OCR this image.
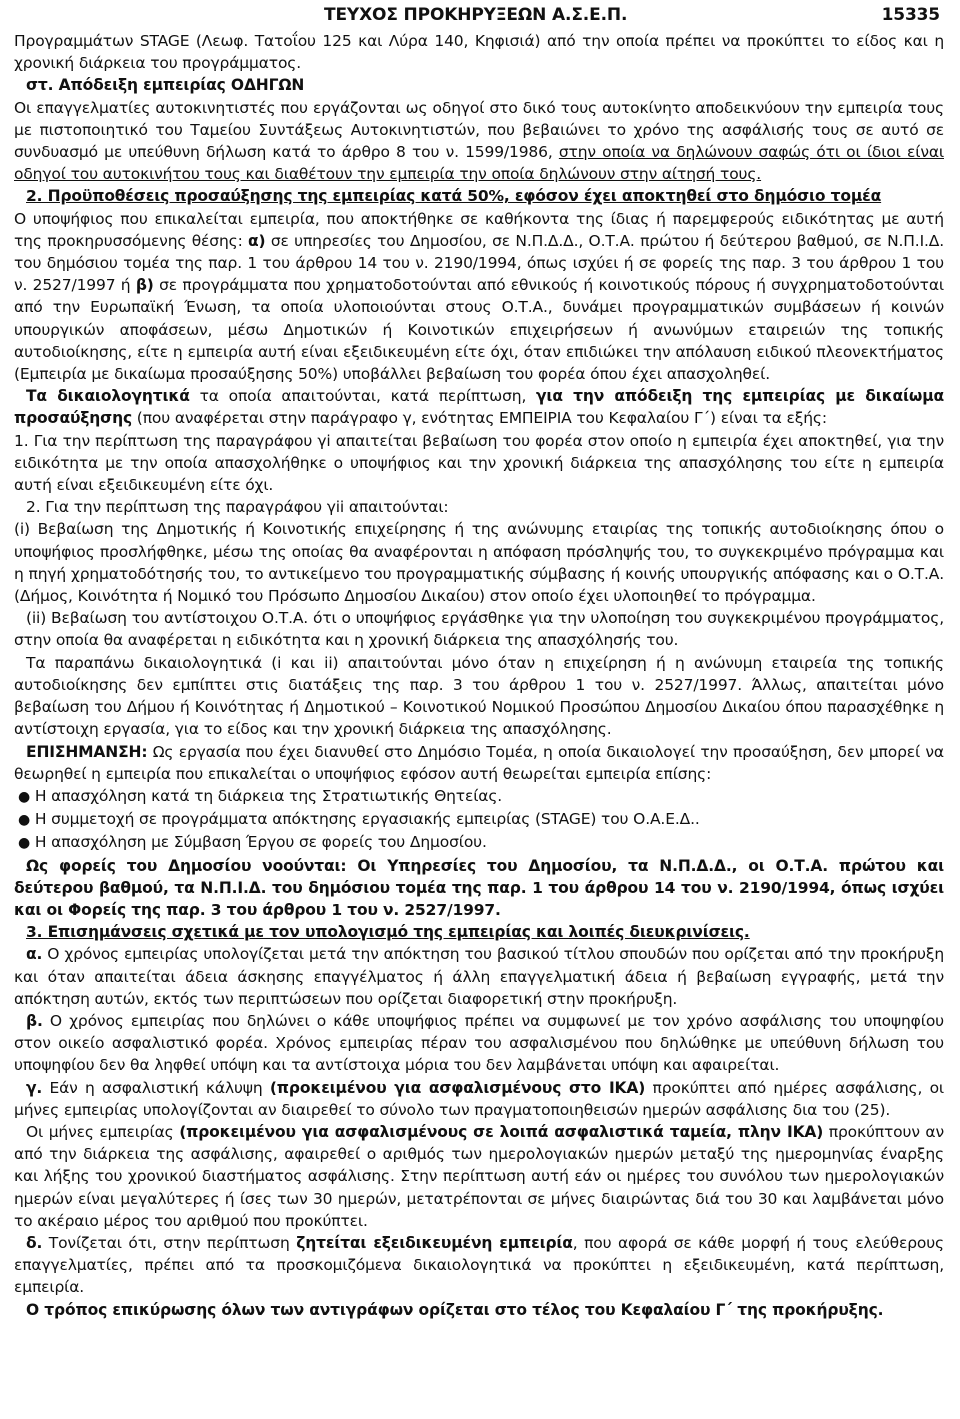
ΤΕΥΧΟΣ ΠΡΟΚΗΡΥΞΕΩΝ Α.Σ.Ε.Π.	15335

Προγραμμάτων STAGE (Λεωφ. Τατοΐου 125 και Λύρα 140, Κηφισιά) από την οποία πρέπει να προκύπτει το είδος και η χρονική διάρκεια του προγράμματος.

στ. Απόδειξη εμπειρίας ΟΔΗΓΩΝ

Οι επαγγελματίες αυτοκινητιστές που εργάζονται ως οδηγοί στο δικό τους αυτοκίνητο αποδεικνύουν την εμπειρία τους με πιστοποιητικό του Ταμείου Συντάξεως Αυτοκινητιστών, που βεβαιώνει το χρόνο της ασφάλισής τους σε αυτό σε συνδυασμό με υπεύθυνη δήλωση κατά το άρθρο 8 του ν. 1599/1986, στην οποία να δηλώνουν σαφώς ότι οι ίδιοι είναι οδηγοί του αυτοκινήτου τους και διαθέτουν την εμπειρία την οποία δηλώνουν στην αίτησή τους.

2. Προϋποθέσεις προσαύξησης της εμπειρίας κατά 50%, εφόσον έχει αποκτηθεί στο δημόσιο τομέα

Ο υποψήφιος που επικαλείται εμπειρία, που αποκτήθηκε σε καθήκοντα της ίδιας ή παρεμφερούς ειδικότητας με αυτή της προκηρυσσόμενης θέσης: α) σε υπηρεσίες του Δημοσίου, σε Ν.Π.Δ.Δ., Ο.Τ.Α. πρώτου ή δεύτερου βαθμού, σε Ν.Π.Ι.Δ. του δημόσιου τομέα της παρ. 1 του άρθρου 14 του ν. 2190/1994, όπως ισχύει ή σε φορείς της παρ. 3 του άρθρου 1 του ν. 2527/1997 ή β) σε προγράμματα που χρηματοδοτούνται από εθνικούς ή κοινοτικούς πόρους ή συγχρηματοδοτούνται από την Ευρωπαϊκή Ένωση, τα οποία υλοποιούνται στους Ο.Τ.Α., δυνάμει προγραμματικών συμβάσεων ή κοινών υπουργικών αποφάσεων, μέσω Δημοτικών ή Κοινοτικών επιχειρήσεων ή ανωνύμων εταιρειών της τοπικής αυτοδιοίκησης, είτε η εμπειρία αυτή είναι εξειδικευμένη είτε όχι, όταν επιδιώκει την απόλαυση ειδικού πλεονεκτήματος (Εμπειρία με δικαίωμα προσαύξησης 50%) υποβάλλει βεβαίωση του φορέα όπου έχει απασχοληθεί.

Τα δικαιολογητικά τα οποία απαιτούνται, κατά περίπτωση, για την απόδειξη της εμπειρίας με δικαίωμα προσαύξησης (που αναφέρεται στην παράγραφο γ, ενότητας ΕΜΠΕΙΡΙΑ του Κεφαλαίου Γ΄) είναι τα εξής:

1. Για την περίπτωση της παραγράφου γi απαιτείται βεβαίωση του φορέα στον οποίο η εμπειρία έχει αποκτηθεί, για την ειδικότητα με την οποία απασχολήθηκε ο υποψήφιος και την χρονική διάρκεια της απασχόλησης του είτε η εμπειρία αυτή είναι εξειδικευμένη είτε όχι.

2. Για την περίπτωση της παραγράφου γii απαιτούνται:

(i) Βεβαίωση της Δημοτικής ή Κοινοτικής επιχείρησης ή της ανώνυμης εταιρίας της τοπικής αυτοδιοίκησης όπου ο υποψήφιος προσλήφθηκε, μέσω της οποίας θα αναφέρονται η απόφαση πρόσληψής του, το συγκεκριμένο πρόγραμμα και η πηγή χρηματοδότησής του, το αντικείμενο του προγραμματικής σύμβασης ή κοινής υπουργικής απόφασης και ο Ο.Τ.Α. (Δήμος, Κοινότητα ή Νομικό του Πρόσωπο Δημοσίου Δικαίου) στον οποίο έχει υλοποιηθεί το πρόγραμμα.

(ii) Βεβαίωση του αντίστοιχου Ο.Τ.Α. ότι ο υποψήφιος εργάσθηκε για την υλοποίηση του συγκεκριμένου προγράμματος, στην οποία θα αναφέρεται η ειδικότητα και η χρονική διάρκεια της απασχόλησής του.

Τα παραπάνω δικαιολογητικά (i και ii) απαιτούνται μόνο όταν η επιχείρηση ή η ανώνυμη εταιρεία της τοπικής αυτοδιοίκησης δεν εμπίπτει στις διατάξεις της παρ. 3 του άρθρου 1 του ν. 2527/1997. Άλλως, απαιτείται μόνο βεβαίωση του Δήμου ή Κοινότητας ή Δημοτικού – Κοινοτικού Νομικού Προσώπου Δημοσίου Δικαίου όπου παρασχέθηκε η αντίστοιχη εργασία, για το είδος και την χρονική διάρκεια της απασχόλησης.

ΕΠΙΣΗΜΑΝΣΗ: Ως εργασία που έχει διανυθεί στο Δημόσιο Τομέα, η οποία δικαιολογεί την προσαύξηση, δεν μπορεί να θεωρηθεί η εμπειρία που επικαλείται ο υποψήφιος εφόσον αυτή θεωρείται εμπειρία επίσης:

● Η απασχόληση κατά τη διάρκεια της Στρατιωτικής Θητείας.

● Η συμμετοχή σε προγράμματα απόκτησης εργασιακής εμπειρίας (STAGE) του Ο.Α.Ε.Δ..

● Η απασχόληση με Σύμβαση Έργου σε φορείς του Δημοσίου.

Ως φορείς του Δημοσίου νοούνται: Οι Υπηρεσίες του Δημοσίου, τα Ν.Π.Δ.Δ., οι Ο.Τ.Α. πρώτου και δεύτερου βαθμού, τα Ν.Π.Ι.Δ. του δημόσιου τομέα της παρ. 1 του άρθρου 14 του ν. 2190/1994, όπως ισχύει και οι Φορείς της παρ. 3 του άρθρου 1 του ν. 2527/1997.

3. Επισημάνσεις σχετικά με τον υπολογισμό της εμπειρίας και λοιπές διευκρινίσεις.

α. Ο χρόνος εμπειρίας υπολογίζεται μετά την απόκτηση του βασικού τίτλου σπουδών που ορίζεται από την προκήρυξη και όταν απαιτείται άδεια άσκησης επαγγέλματος ή άλλη επαγγελματική άδεια ή βεβαίωση εγγραφής, μετά την απόκτηση αυτών, εκτός των περιπτώσεων που ορίζεται διαφορετική στην προκήρυξη.

β. Ο χρόνος εμπειρίας που δηλώνει ο κάθε υποψήφιος πρέπει να συμφωνεί με τον χρόνο ασφάλισης του υποψηφίου στον οικείο ασφαλιστικό φορέα. Χρόνος εμπειρίας πέραν του ασφαλισμένου που δηλώθηκε με υπεύθυνη δήλωση του υποψηφίου δεν θα ληφθεί υπόψη και τα αντίστοιχα μόρια του δεν λαμβάνεται υπόψη και αφαιρείται.

γ. Εάν η ασφαλιστική κάλυψη (προκειμένου για ασφαλισμένους στο ΙΚΑ) προκύπτει από ημέρες ασφάλισης, οι μήνες εμπειρίας υπολογίζονται αν διαιρεθεί το σύνολο των πραγματοποιηθεισών ημερών ασφάλισης δια του (25).

Οι μήνες εμπειρίας (προκειμένου για ασφαλισμένους σε λοιπά ασφαλιστικά ταμεία, πλην ΙΚΑ) προκύπτουν αν από την διάρκεια της ασφάλισης, αφαιρεθεί ο αριθμός των ημερολογιακών ημερών μεταξύ της ημερομηνίας έναρξης και λήξης του χρονικού διαστήματος ασφάλισης. Στην περίπτωση αυτή εάν οι ημέρες του συνόλου των ημερολογιακών ημερών είναι μεγαλύτερες ή ίσες των 30 ημερών, μετατρέπονται σε μήνες διαιρώντας διά του 30 και λαμβάνεται μόνο το ακέραιο μέρος του αριθμού που προκύπτει.

δ. Τονίζεται ότι, στην περίπτωση ζητείται εξειδικευμένη εμπειρία, που αφορά σε κάθε μορφή ή τους ελεύθερους επαγγελματίες, πρέπει από τα προσκομιζόμενα δικαιολογητικά να προκύπτει η εξειδικευμένη, κατά περίπτωση, εμπειρία.

Ο τρόπος επικύρωσης όλων των αντιγράφων ορίζεται στο τέλος του Κεφαλαίου Γ΄ της προκήρυξης.
